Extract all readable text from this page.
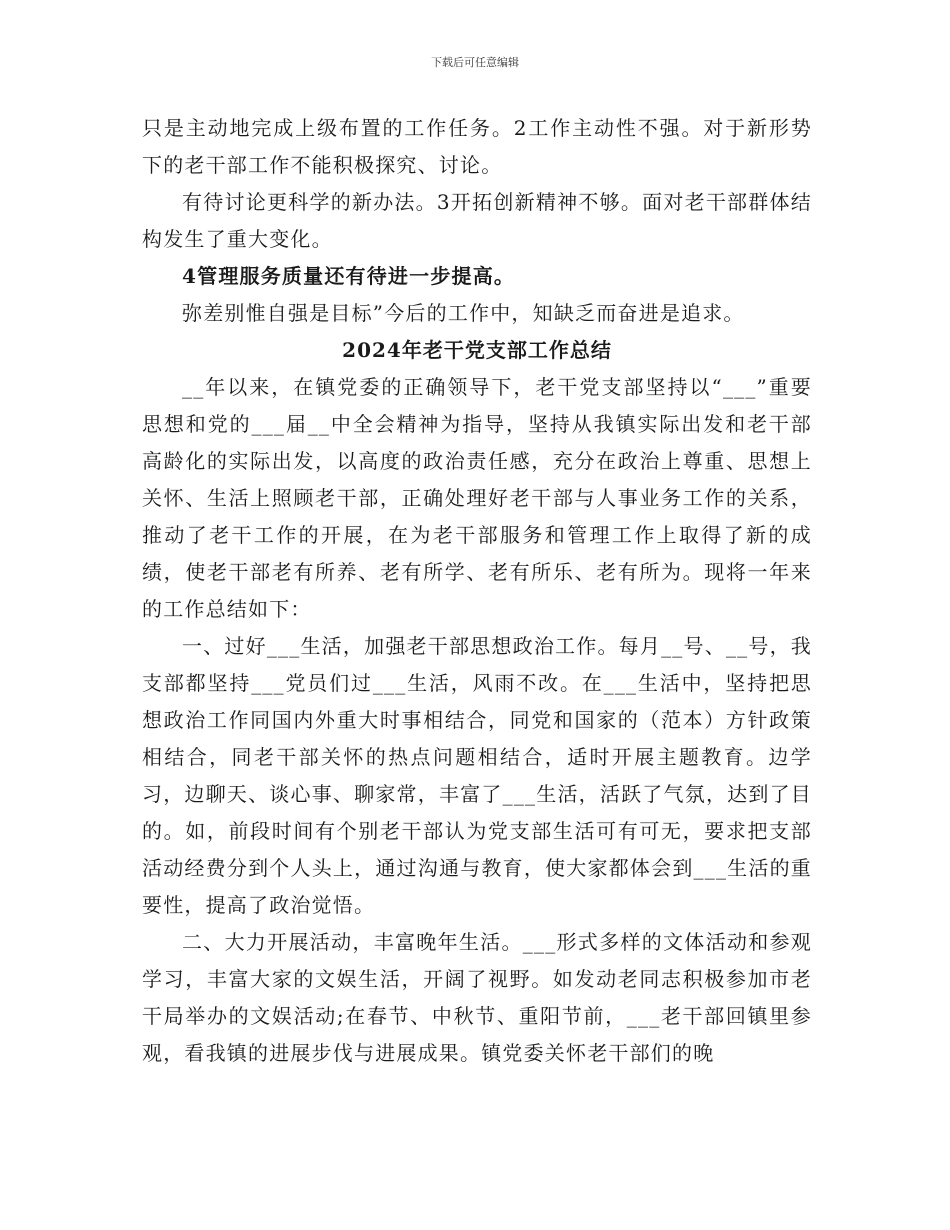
下载后可任意编辑

只是主动地完成上级布置的工作任务。2工作主动性不强。对于新形势下的老干部工作不能积极探究、讨论。

有待讨论更科学的新办法。3开拓创新精神不够。面对老干部群体结构发生了重大变化。

4管理服务质量还有待进一步提高。

弥差别惟自强是目标”今后的工作中，知缺乏而奋进是追求。

2024年老干党支部工作总结

__年以来，在镇党委的正确领导下，老干党支部坚持以“___”重要思想和党的___届__中全会精神为指导，坚持从我镇实际出发和老干部高龄化的实际出发，以高度的政治责任感，充分在政治上尊重、思想上关怀、生活上照顾老干部，正确处理好老干部与人事业务工作的关系，推动了老干工作的开展，在为老干部服务和管理工作上取得了新的成绩，使老干部老有所养、老有所学、老有所乐、老有所为。现将一年来的工作总结如下：

一、过好___生活，加强老干部思想政治工作。每月__号、__号，我支部都坚持___党员们过___生活，风雨不改。在___生活中，坚持把思想政治工作同国内外重大时事相结合，同党和国家的（范本）方针政策相结合，同老干部关怀的热点问题相结合，适时开展主题教育。边学习，边聊天、谈心事、聊家常，丰富了___生活，活跃了气氛，达到了目的。如，前段时间有个别老干部认为党支部生活可有可无，要求把支部活动经费分到个人头上，通过沟通与教育，使大家都体会到___生活的重要性，提高了政治觉悟。

二、大力开展活动，丰富晚年生活。___形式多样的文体活动和参观学习，丰富大家的文娱生活，开阔了视野。如发动老同志积极参加市老干局举办的文娱活动;在春节、中秋节、重阳节前，___老干部回镇里参观，看我镇的进展步伐与进展成果。镇党委关怀老干部们的晚
